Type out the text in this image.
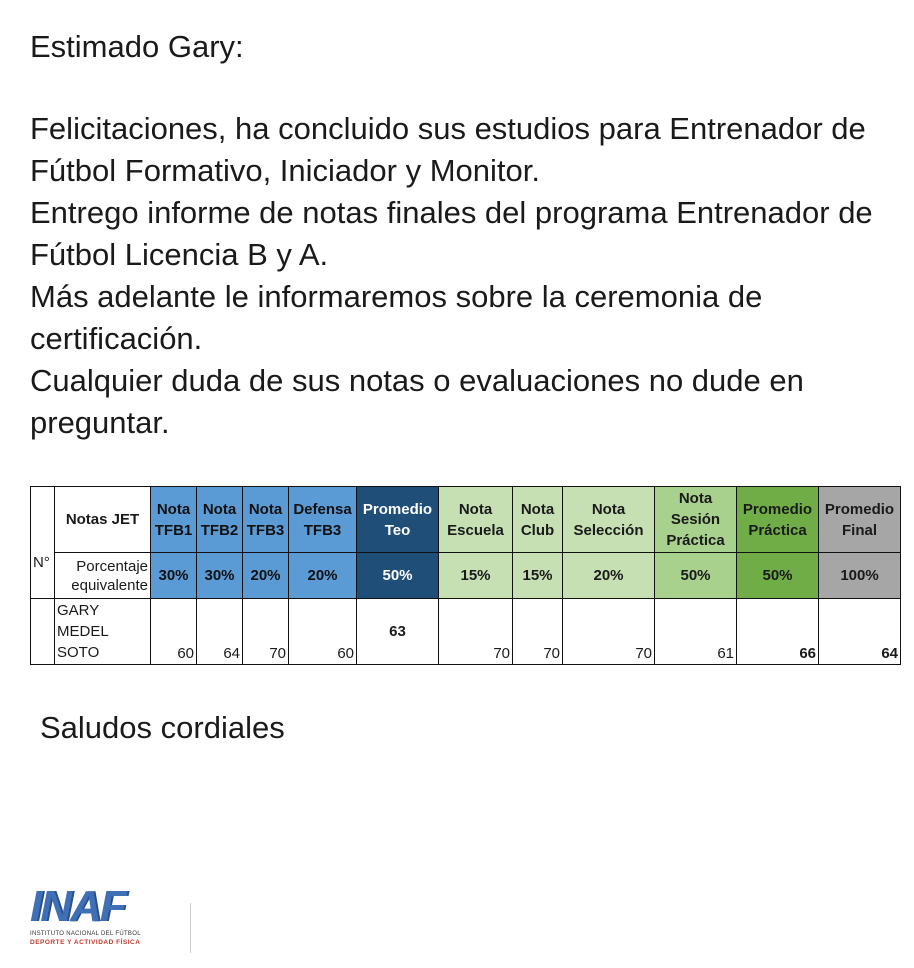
Estimado Gary:

Felicitaciones, ha concluido sus estudios para Entrenador de Fútbol Formativo, Iniciador y Monitor.

Entrego informe de notas finales del programa Entrenador de Fútbol Licencia B y A.

Más adelante le informaremos sobre la ceremonia de certificación.

Cualquier duda de sus notas o evaluaciones no dude en preguntar.

N°	Notas JET	Nota TFB1	Nota TFB2	Nota TFB3	Defensa TFB3	Promedio Teo	Nota Escuela	Nota Club	Nota Selección	Nota Sesión Práctica	Promedio Práctica	Promedio Final
	Porcentaje equivalente	30%	30%	20%	20%	50%	15%	15%	20%	50%	50%	100%

	GARY
MEDEL
SOTO	60	64	70	60	63	70	70	70	61	66	64
Saludos cordiales
INAF
INSTITUTO NACIONAL DEL FÚTBOL
DEPORTE Y ACTIVIDAD FÍSICA
